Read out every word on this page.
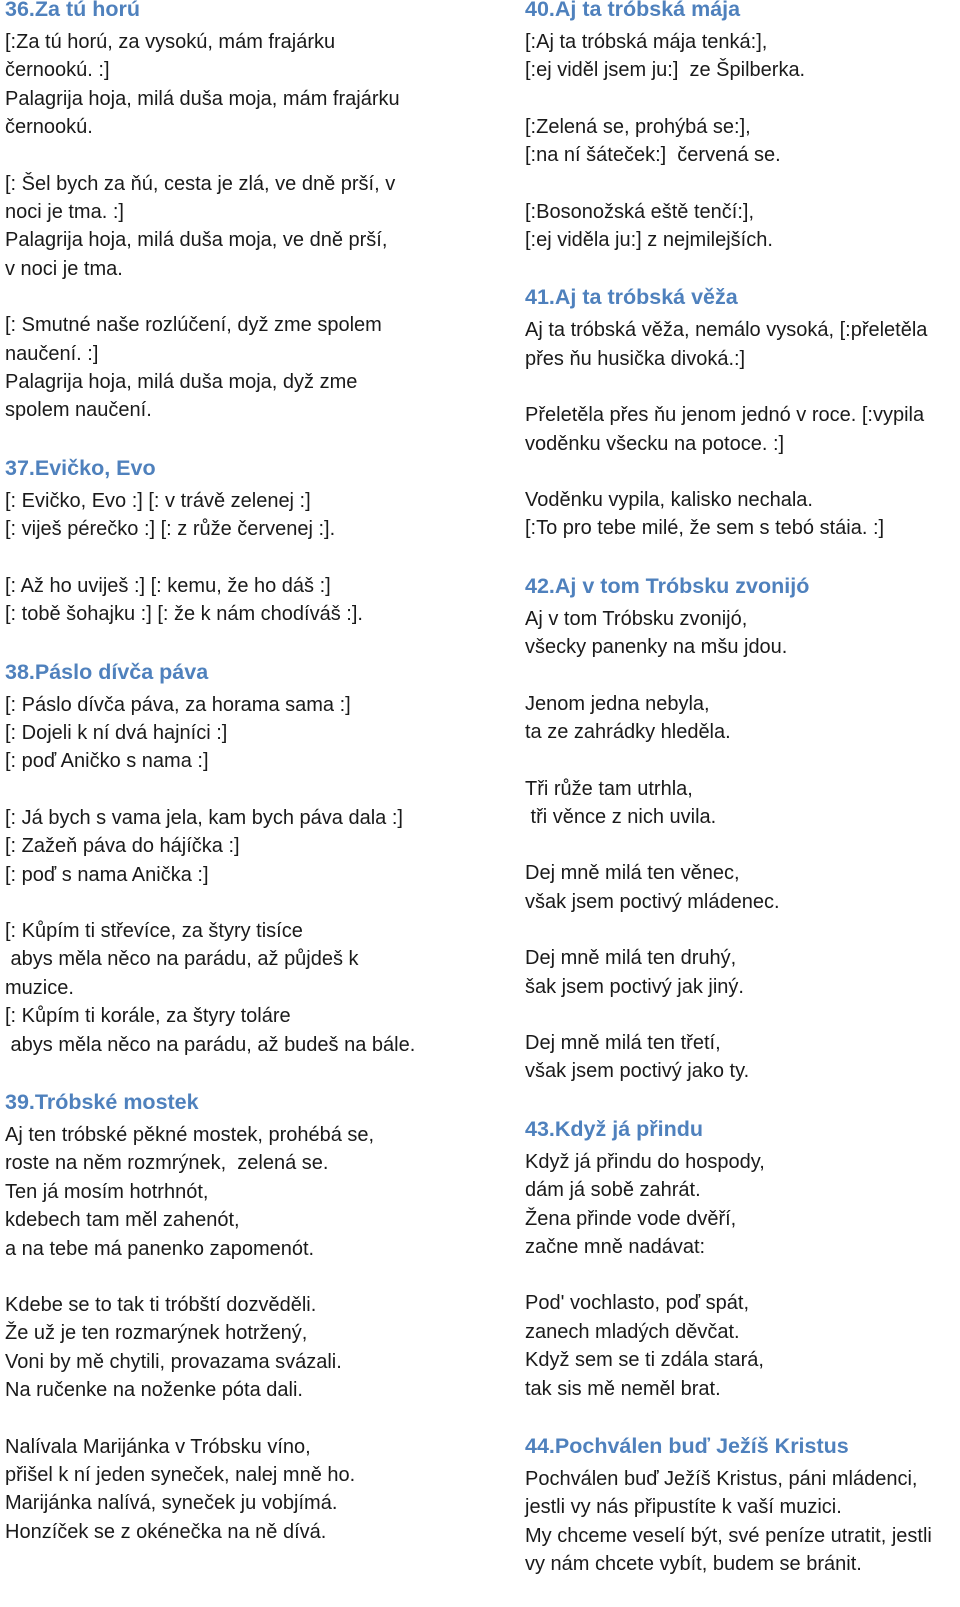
36.Za tú horú
[:Za tú horú, za vysokú, mám frajárku
černookú. :]
Palagrija hoja, milá duša moja, mám frajárku
černookú.
[: Šel bych za ňú, cesta je zlá, ve dně prší, v
noci je tma. :]
Palagrija hoja, milá duša moja, ve dně prší,
v noci je tma.
[: Smutné naše rozlúčení, dyž zme spolem
naučení. :]
Palagrija hoja, milá duša moja, dyž zme
spolem naučení.
37.Evičko, Evo
[: Evičko, Evo :] [: v trávě zelenej :]
[: viješ pérečko :] [: z růže červenej :].
[: Až ho uviješ :] [: kemu, že ho dáš :]
[: tobě šohajku :] [: že k nám chodíváš :].
38.Páslo dívča páva
[: Páslo dívča páva, za horama sama :]
[: Dojeli k ní dvá hajníci :]
[: poď Aničko s nama :]
[: Já bych s vama jela, kam bych páva dala :]
[: Zažeň páva do hájíčka :]
[: poď s nama Anička :]
[: Kůpím ti střevíce, za štyry tisíce
abys měla něco na parádu, až půjdeš k
muzice.
[: Kůpím ti korále, za štyry toláre
abys měla něco na parádu, až budeš na bále.
39.Tróbské mostek
Aj ten tróbské pěkné mostek, prohébá se,
roste na něm rozmrýnek,  zelená se.
Ten já mosím hotrhnót,
kdebech tam měl zahenót,
a na tebe má panenko zapomenót.
Kdebe se to tak ti tróbští dozvěděli.
Že už je ten rozmarýnek hotržený,
Voni by mě chytili, provazama svázali.
Na ručenke na noženke póta dali.
Nalívala Marijánka v Tróbsku víno,
přišel k ní jeden syneček, nalej mně ho.
Marijánka nalívá, syneček ju vobjímá.
Honzíček se z okénečka na ně dívá.
40.Aj ta tróbská mája
[:Aj ta tróbská mája tenká:],
[:ej viděl jsem ju:]  ze Špilberka.
[:Zelená se, prohýbá se:],
[:na ní šáteček:]  červená se.
[:Bosonožská eště tenčí:],
[:ej viděla ju:] z nejmilejších.
41.Aj ta tróbská věža
Aj ta tróbská věža, nemálo vysoká, [:přeletěla
přes ňu husička divoká.:]
Přeletěla přes ňu jenom jednó v roce. [:vypila
voděnku všecku na potoce. :]
Voděnku vypila, kalisko nechala.
[:To pro tebe milé, že sem s tebó stáia. :]
42.Aj v tom Tróbsku zvonijó
Aj v tom Tróbsku zvonijó,
všecky panenky na mšu jdou.
Jenom jedna nebyla,
ta ze zahrádky hleděla.
Tři růže tam utrhla,
tři věnce z nich uvila.
Dej mně milá ten věnec,
však jsem poctivý mládenec.
Dej mně milá ten druhý,
šak jsem poctivý jak jiný.
Dej mně milá ten třetí,
však jsem poctivý jako ty.
43.Když já přindu
Když já přindu do hospody,
dám já sobě zahrát.
Žena přinde vode dvěří,
začne mně nadávat:
Pod' vochlasto, poď spát,
zanech mladých děvčat.
Když sem se ti zdála stará,
tak sis mě neměl brat.
44.Pochválen buď Ježíš Kristus
Pochválen buď Ježíš Kristus, páni mládenci,
jestli vy nás připustíte k vaší muzici.
My chceme veselí být, své peníze utratit, jestli
vy nám chcete vybít, budem se bránit.
